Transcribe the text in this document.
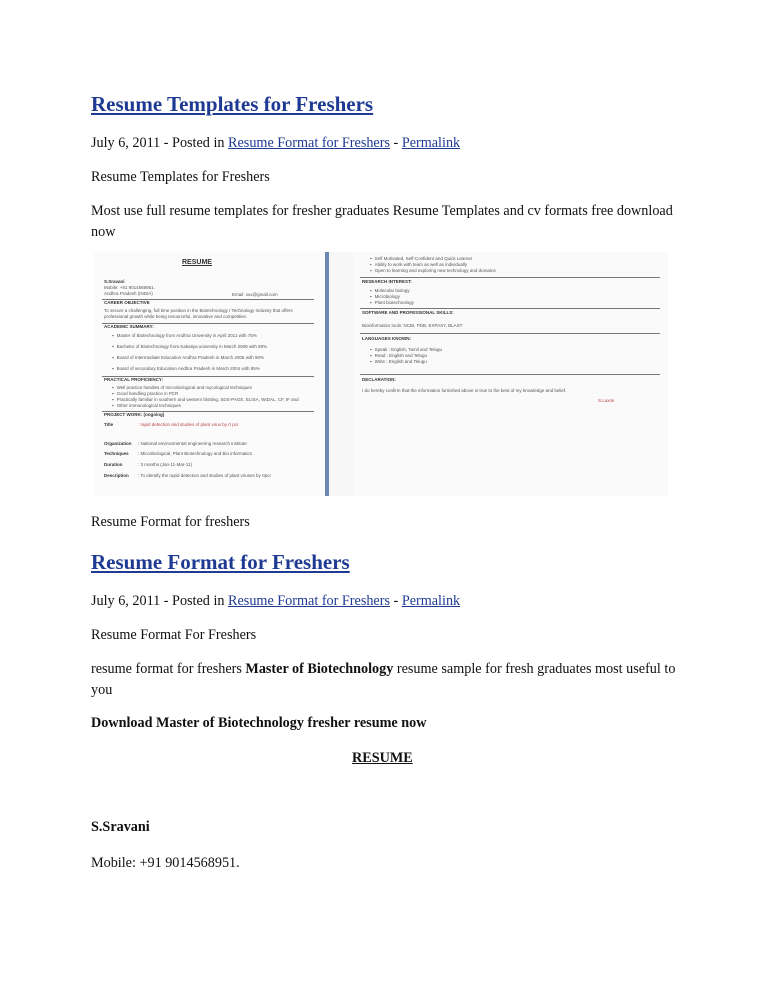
Resume Templates for Freshers
July 6, 2011 - Posted in Resume Format for Freshers - Permalink
Resume Templates for Freshers
Most use full resume templates for fresher graduates Resume Templates and cv formats free download now
RESUME
S.Sravani
Mobile: +91 9014568951.
Andhra Pradesh (INDIA)	Email: xxx@gmail.com
CAREER OBJECTIVE
To secure a challenging, full time position in the Biotechnology / Technology Industry that offers
professional growth while being resourceful, innovative and competitive.
ACADEMIC SUMMARY:
▪ Master of Biotechnology from Andhra University in April 2011 with 75%
▪ Bachelor of Biotechnology from Kakatiya university in March 2009 with 80%
▪ Board of Intermediate Education Andhra Pradesh in March 2006 with 90%
▪ Board of secondary Education Andhra Pradesh in March 2004 with 85%
PRACTICAL PROFICIENCY:
▪ Well practice handles of microbiological and mycological techniques
▪ Good handling practice in PCR
▪ Practically familiar in southern and western blotting, SDS-PAGE, ELISA, WIDAL, CF, IF and
▪ Other immunological techniques
PROJECT WORK: (ongoing)
Title	: rapid detection and studies of plant virus by rt pcr
Organization : National environmental engineering research institute
Techniques : Microbiological, Plant Biotechnology and Bio informatics
Duration	: 3 months (Jan-11-Mar-11)
Description : To identify the rapid detection and studies of plant viruses by rtpcr
▪ Self Motivated, Self-Confident and Quick Learner
▪ Ability to work with team as well as individually
▪ Open to learning and exploring new technology and domains
RESEARCH INTEREST:
▪ Molecular biology
▪ Microbiology
▪ Plant biotechnology
SOFTWARE AND PROFESSIONAL SKILLS:
Bioinformatics tools: NCBI, PDB, EXPASY, BLAST
LANGUAGES KNOWN:
▪ Speak : English, Tamil and Telugu
▪ Read : English and Telugu
▪ Write : English and Telugu
DECLARATION:
I do hereby confirm that the information furnished above is true to the best of my knowledge and belief.
S.Laxmi
Resume Format for freshers
Resume Format for Freshers
July 6, 2011 - Posted in Resume Format for Freshers - Permalink
Resume Format For Freshers
resume format for freshers Master of Biotechnology resume sample for fresh graduates most useful to you
Download Master of Biotechnology fresher resume now
RESUME
S.Sravani
Mobile: +91 9014568951.
